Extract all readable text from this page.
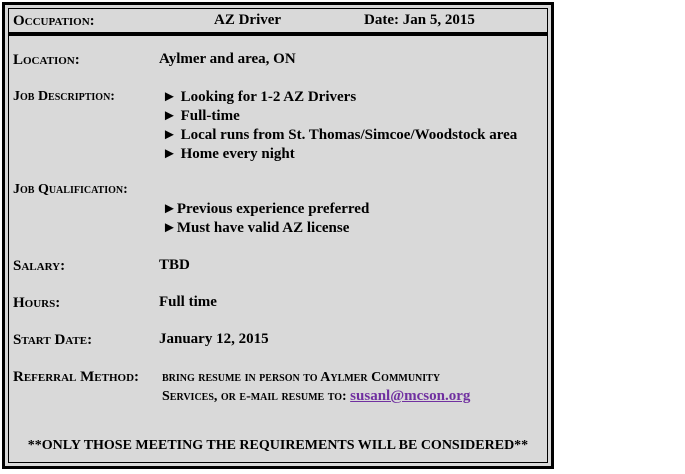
Occupation:	AZ Driver	Date: Jan 5, 2015
Location:	Aylmer and area, ON
Job Description:	► Looking for 1-2 AZ Drivers
► Full-time
► Local runs from St. Thomas/Simcoe/Woodstock area
► Home every night
Job Qualification:
►Previous experience preferred
►Must have valid AZ license
Salary:	TBD
Hours:	Full time
Start Date:	January 12, 2015
Referral Method: bring resume in person to Aylmer Community
Services, or e-mail resume to: susanl@mcson.org
**ONLY THOSE MEETING THE REQUIREMENTS WILL BE CONSIDERED**
